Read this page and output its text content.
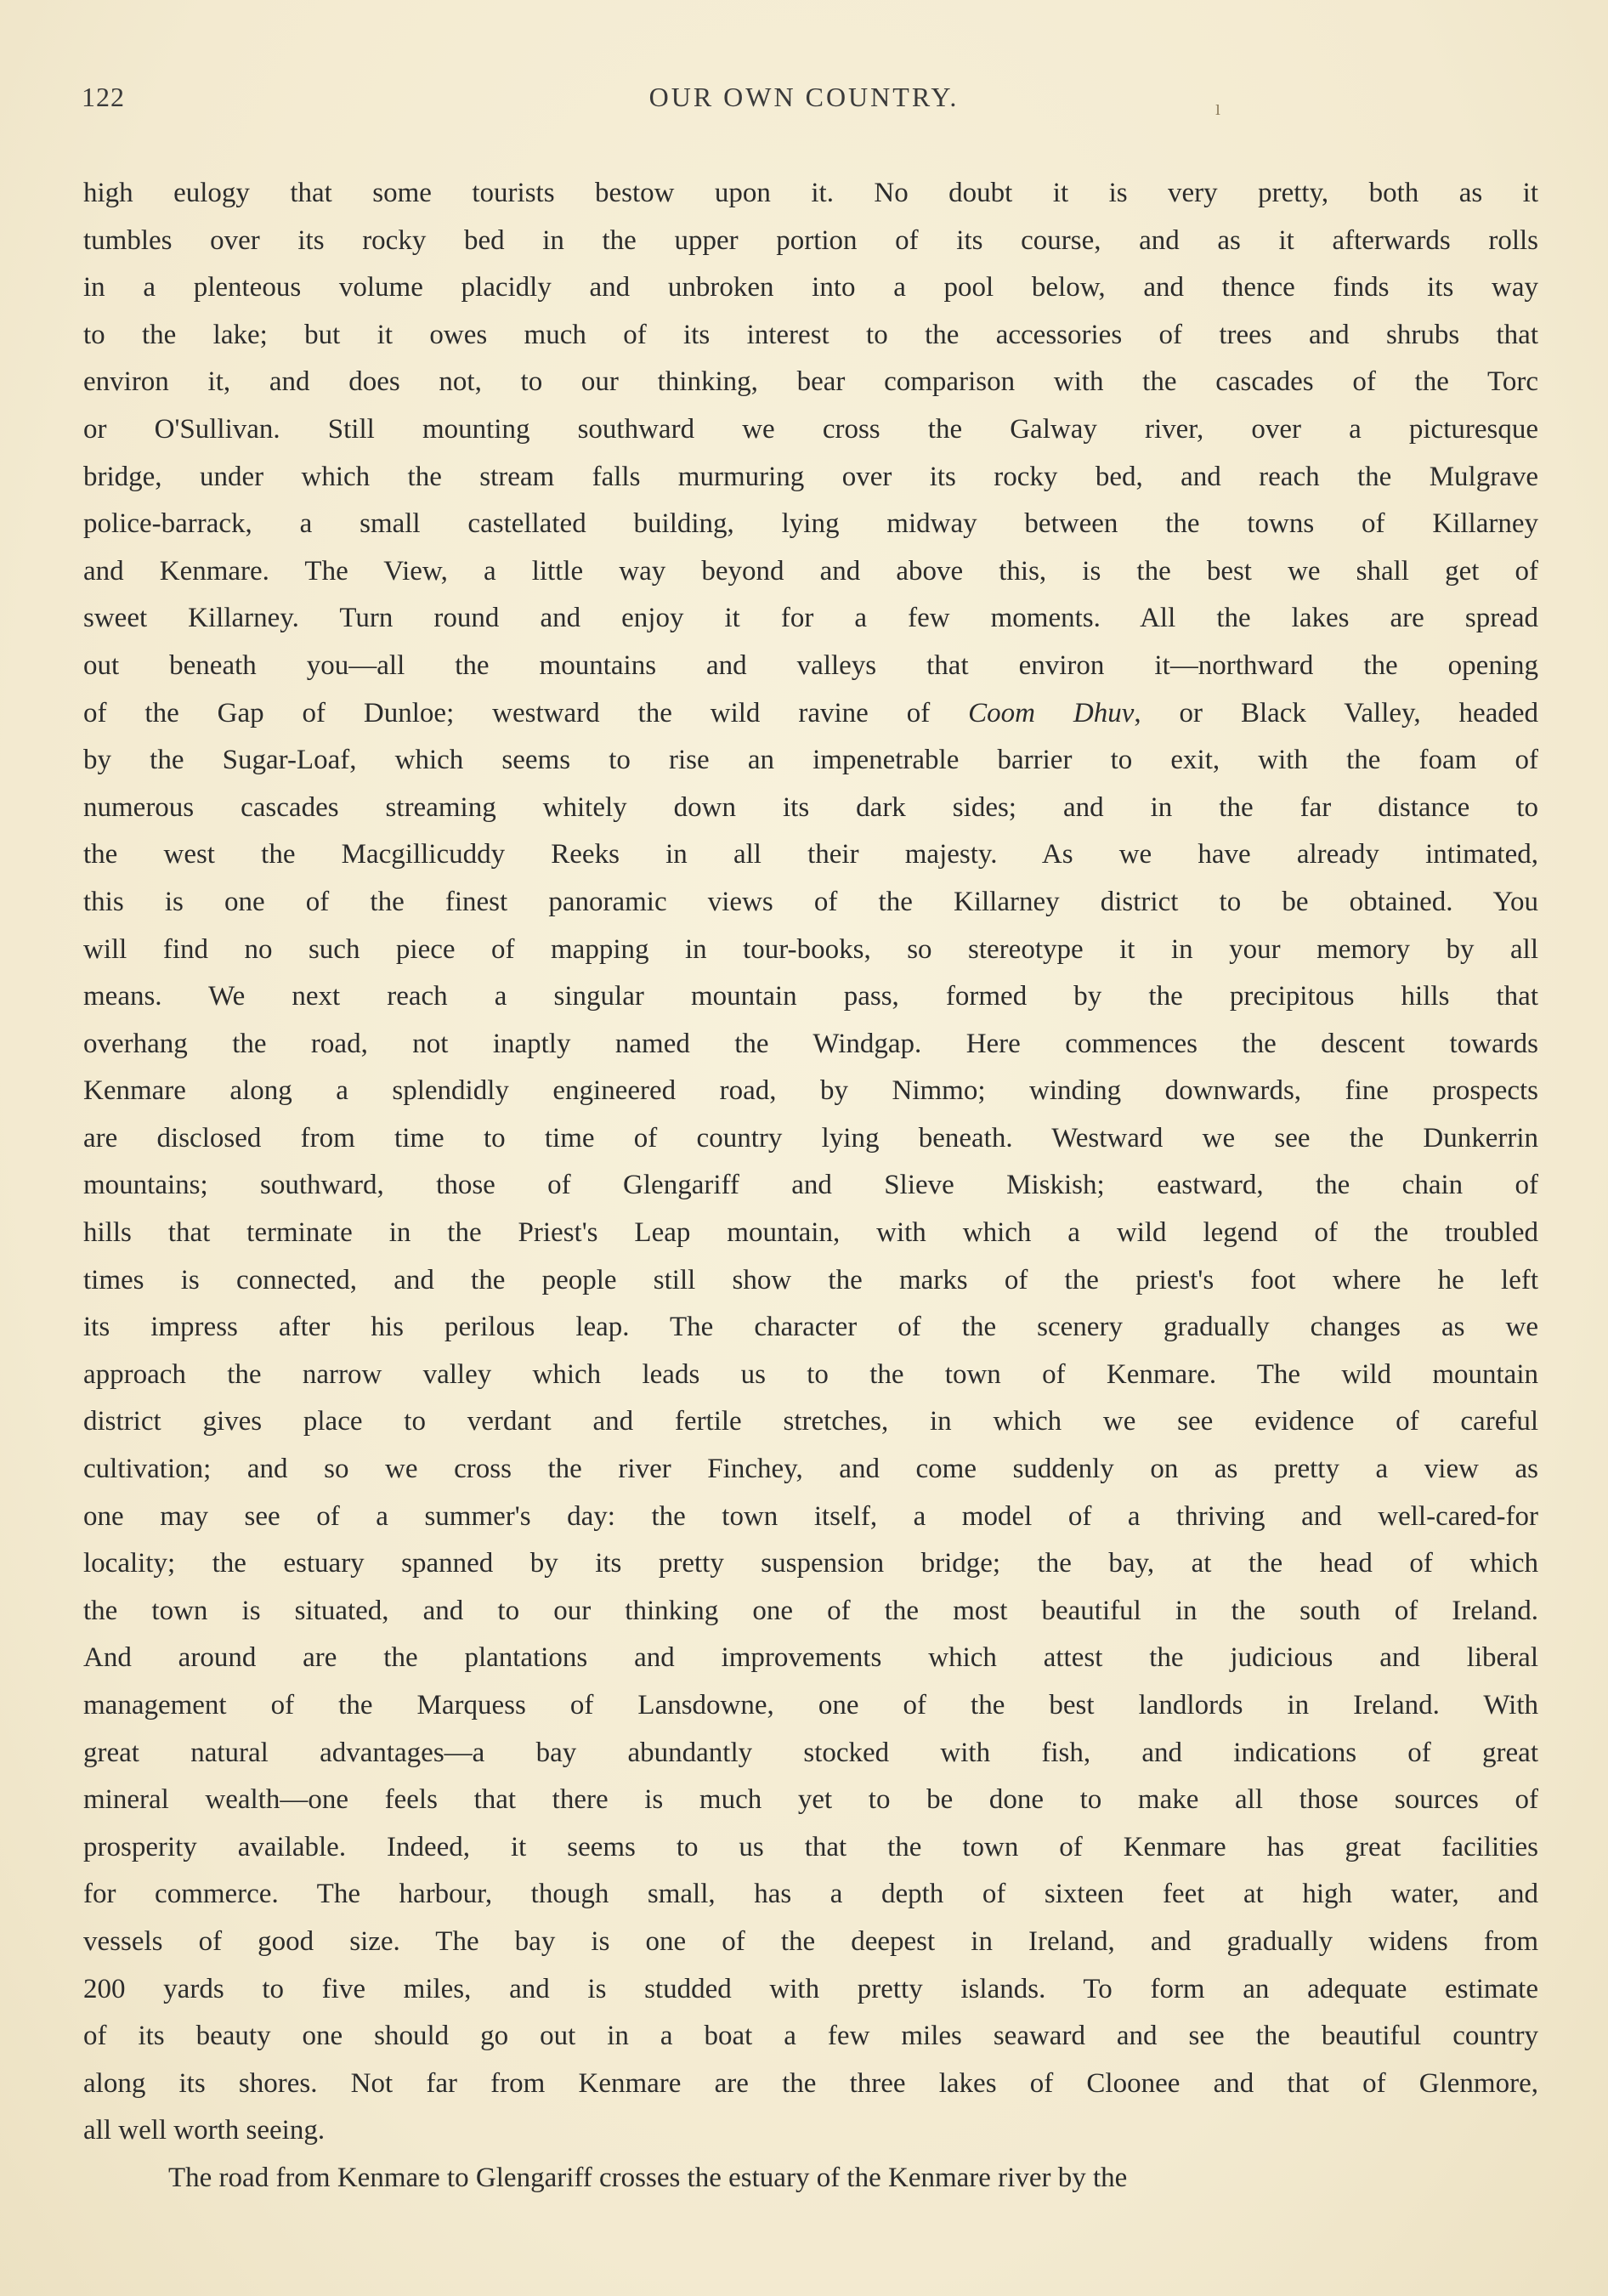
122	OUR OWN COUNTRY.
ˡ
high eulogy that some tourists bestow upon it. No doubt it is very pretty, both as it
tumbles over its rocky bed in the upper portion of its course, and as it afterwards rolls
in a plenteous volume placidly and unbroken into a pool below, and thence finds its way
to the lake; but it owes much of its interest to the accessories of trees and shrubs that
environ it, and does not, to our thinking, bear comparison with the cascades of the Torc
or O'Sullivan. Still mounting southward we cross the Galway river, over a picturesque
bridge, under which the stream falls murmuring over its rocky bed, and reach the Mulgrave
police-barrack, a small castellated building, lying midway between the towns of Killarney
and Kenmare. The View, a little way beyond and above this, is the best we shall get of
sweet Killarney. Turn round and enjoy it for a few moments. All the lakes are spread
out beneath you—all the mountains and valleys that environ it—northward the opening
of the Gap of Dunloe; westward the wild ravine of Coom Dhuv, or Black Valley, headed
by the Sugar-Loaf, which seems to rise an impenetrable barrier to exit, with the foam of
numerous cascades streaming whitely down its dark sides; and in the far distance to
the west the Macgillicuddy Reeks in all their majesty. As we have already intimated,
this is one of the finest panoramic views of the Killarney district to be obtained. You
will find no such piece of mapping in tour-books, so stereotype it in your memory by all
means. We next reach a singular mountain pass, formed by the precipitous hills that
overhang the road, not inaptly named the Windgap. Here commences the descent towards
Kenmare along a splendidly engineered road, by Nimmo; winding downwards, fine prospects
are disclosed from time to time of country lying beneath. Westward we see the Dunkerrin
mountains; southward, those of Glengariff and Slieve Miskish; eastward, the chain of
hills that terminate in the Priest's Leap mountain, with which a wild legend of the troubled
times is connected, and the people still show the marks of the priest's foot where he left
its impress after his perilous leap. The character of the scenery gradually changes as we
approach the narrow valley which leads us to the town of Kenmare. The wild mountain
district gives place to verdant and fertile stretches, in which we see evidence of careful
cultivation; and so we cross the river Finchey, and come suddenly on as pretty a view as
one may see of a summer's day: the town itself, a model of a thriving and well-cared-for
locality; the estuary spanned by its pretty suspension bridge; the bay, at the head of which
the town is situated, and to our thinking one of the most beautiful in the south of Ireland.
And around are the plantations and improvements which attest the judicious and liberal
management of the Marquess of Lansdowne, one of the best landlords in Ireland. With
great natural advantages—a bay abundantly stocked with fish, and indications of great
mineral wealth—one feels that there is much yet to be done to make all those sources of
prosperity available. Indeed, it seems to us that the town of Kenmare has great facilities
for commerce. The harbour, though small, has a depth of sixteen feet at high water, and
vessels of good size. The bay is one of the deepest in Ireland, and gradually widens from
200 yards to five miles, and is studded with pretty islands. To form an adequate estimate
of its beauty one should go out in a boat a few miles seaward and see the beautiful country
along its shores. Not far from Kenmare are the three lakes of Cloonee and that of Glenmore,
all well worth seeing.
The road from Kenmare to Glengariff crosses the estuary of the Kenmare river by the
